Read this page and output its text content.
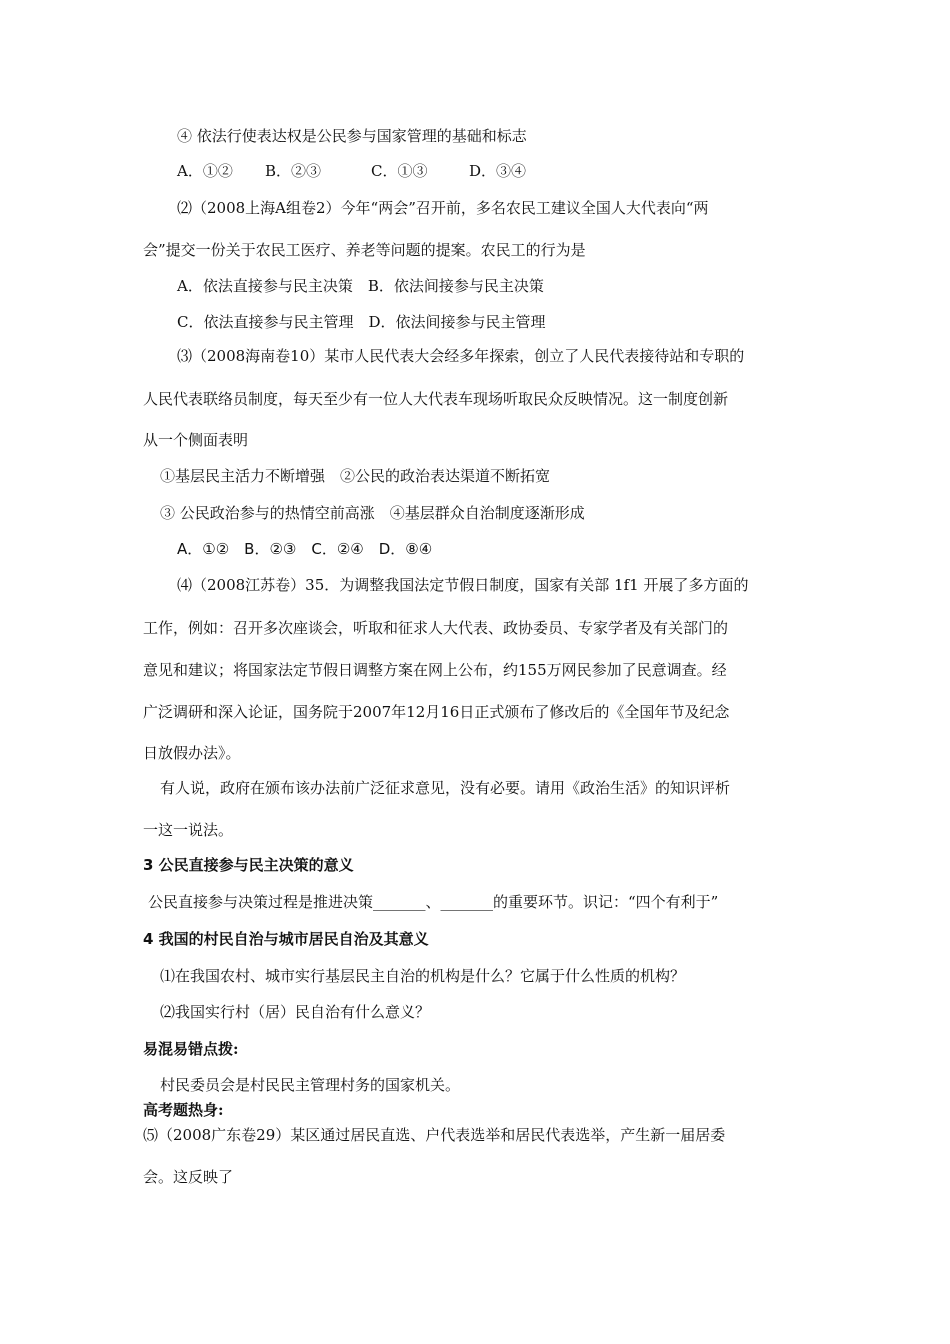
④ 依法行使表达权是公民参与国家管理的基础和标志
A．①② B．②③	C．①③	D．③④
⑵（2008上海A组卷2）今年“两会”召开前，多名农民工建议全国人大代表向“两
会”提交一份关于农民工医疗、养老等问题的提案。农民工的行为是
A．依法直接参与民主决策　B．依法间接参与民主决策
C．依法直接参与民主管理　D．依法间接参与民主管理
⑶（2008海南卷10）某市人民代表大会经多年探索，创立了人民代表接待站和专职的
人民代表联络员制度，每天至少有一位人大代表车现场听取民众反映情况。这一制度创新
从一个侧面表明
①基层民主活力不断增强　②公民的政治表达渠道不断拓宽
③ 公民政治参与的热情空前高涨　④基层群众自治制度逐渐形成
A．①②　B．②③　C．②④　D．⑧④
⑷（2008江苏卷）35．为调整我国法定节假日制度，国家有关部 1f1 开展了多方面的
工作，例如：召开多次座谈会，听取和征求人大代表、政协委员、专家学者及有关部门的
意见和建议；将国家法定节假日调整方案在网上公布，约155万网民参加了民意调查。经
广泛调研和深入论证，国务院于2007年12月16日正式颁布了修改后的《全国年节及纪念
日放假办法》。
有人说，政府在颁布该办法前广泛征求意见，没有必要。请用《政治生活》的知识评析
一这一说法。
3 公民直接参与民主决策的意义
公民直接参与决策过程是推进决策_______、_______的重要环节。识记：“四个有利于”
4 我国的村民自治与城市居民自治及其意义
⑴在我国农村、城市实行基层民主自治的机构是什么？它属于什么性质的机构？
⑵我国实行村（居）民自治有什么意义？
易混易错点拨:
村民委员会是村民民主管理村务的国家机关。
高考题热身:
⑸（2008广东卷29）某区通过居民直选、户代表选举和居民代表选举，产生新一届居委
会。这反映了
